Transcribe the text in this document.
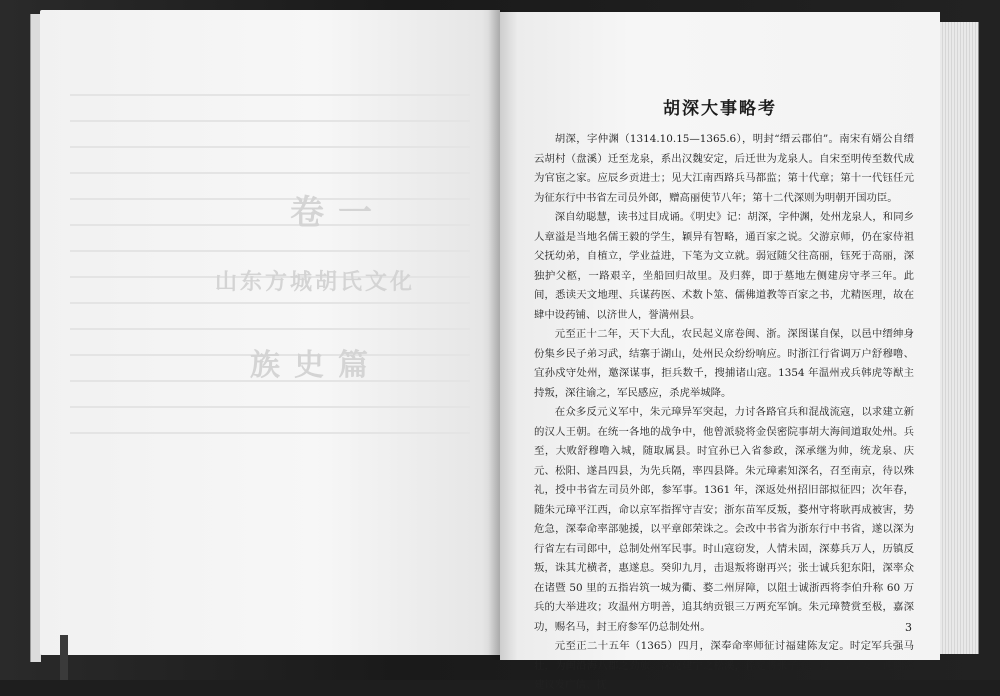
卷一
山东方城胡氏文化
族史篇
胡深大事略考

胡深，字仲渊（1314.10.15—1365.6），明封“缙云郡伯”。南宋有婿公自缙云胡村（盘溪）迁至龙泉，系出汉魏安定，后迁世为龙泉人。自宋至明传至数代成为官宦之家。应辰乡贡进士；见大江南西路兵马都监；第十代章；第十一代钰任元为征东行中书省左司员外郎，赠高丽使节八年；第十二代深则为明朝开国功臣。

深自幼聪慧，读书过目成诵。《明史》记：胡深，字仲渊，处州龙泉人，和同乡人章溢是当地名儒王毅的学生，颖异有智略，通百家之说。父游京师，仍在家侍祖父抚幼弟，自植立，学业益进，下笔为文立就。弱冠随父往高丽，钰死于高丽，深独护父柩，一路艰辛，坐船回归故里。及归葬，即于墓地左侧建房守孝三年。此间，悉读天文地理、兵谋药医、术数卜筮、儒佛道教等百家之书，尤精医理，故在肆中设药铺、以济世人，誉满州县。

元至正十二年，天下大乱，农民起义席卷闽、浙。深图谋自保，以邑中缙绅身份集乡民子弟习武，结寨于湖山，处州民众纷纷响应。时浙江行省调万户舒穆噜、宜孙戍守处州，邀深谋事，拒兵数千，搜捕诸山寇。1354 年温州戎兵韩虎等猷主持叛，深往谕之，军民感应，杀虎举城降。

在众多反元义军中，朱元璋异军突起，力讨各路官兵和混战流寇，以求建立新的汉人王朝。在统一各地的战争中，他曾派骁将金俣密院事胡大海间道取处州。兵至，大败舒穆噜入城，随取属县。时宜孙已入省参政，深承继为帅，统龙泉、庆元、松阳、遂昌四县，为先兵隔，率四县降。朱元璋素知深名，召至南京，待以殊礼，授中书省左司员外郎，参军事。1361 年，深返处州招旧部拟征四；次年春，随朱元璋平江西，命以京军指挥守吉安；浙东苗军反叛，婺州守将耿再成被害，势危急，深奉命率部驰援，以平章郎荣诛之。会改中书省为浙东行中书省，遂以深为行省左右司郎中，总制处州军民事。时山寇窃发，人情未固，深募兵万人，历镇反叛，诛其尤横者，惠遂息。癸卯九月，击退叛将谢再兴；张士诚兵犯东阳，深率众在诸暨 50 里的五指岩筑一城为衢、婺二州屏障，以阻士诚浙西将李伯升称 60 万兵的大举进攻；攻温州方明善，追其纳贡银三万两充军饷。朱元璋赞赏至极，嘉深功，赐名马，封王府参军仍总制处州。

元至正二十五年（1365）四月，深奉命率师征讨福建陈友定。时定军兵强马壮，为闽沿海八郡之劲旅。深克建宁之松溪，俘定将张子玉，遣兵奔崇安。此时深建议发广信、抚

3
